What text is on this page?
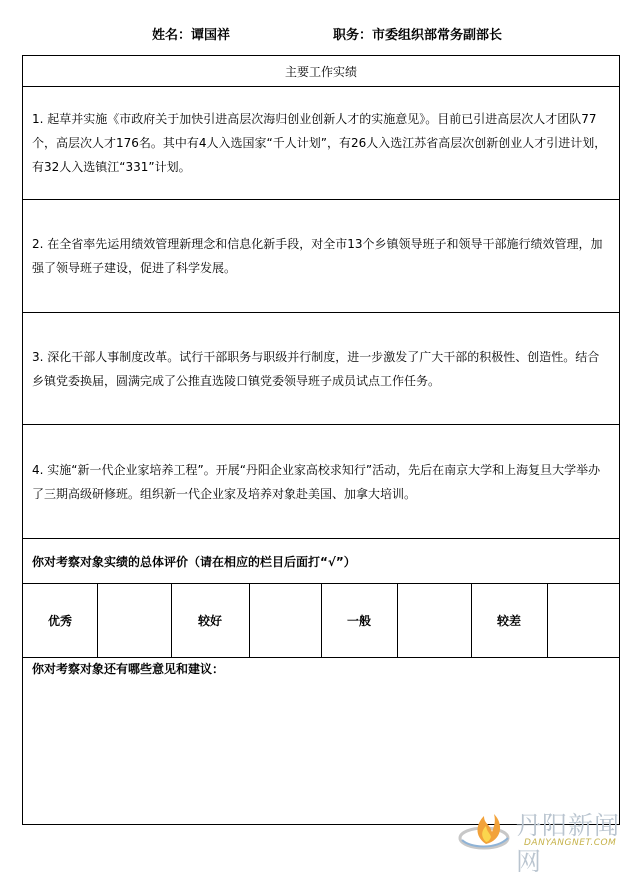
姓名：谭国祥	职务：市委组织部常务副部长
主要工作实绩

1. 起草并实施《市政府关于加快引进高层次海归创业创新人才的实施意见》。目前已引进高层次人才团队77个，高层次人才176名。其中有4人入选国家“千人计划”，有26人入选江苏省高层次创新创业人才引进计划，有32人入选镇江“331”计划。

2. 在全省率先运用绩效管理新理念和信息化新手段，对全市13个乡镇领导班子和领导干部施行绩效管理，加强了领导班子建设，促进了科学发展。

3. 深化干部人事制度改革。试行干部职务与职级并行制度，进一步激发了广大干部的积极性、创造性。结合乡镇党委换届，圆满完成了公推直选陵口镇党委领导班子成员试点工作任务。

4. 实施“新一代企业家培养工程”。开展“丹阳企业家高校求知行”活动，先后在南京大学和上海复旦大学举办了三期高级研修班。组织新一代企业家及培养对象赴美国、加拿大培训。

你对考察对象实绩的总体评价（请在相应的栏目后面打“√”）
优秀	较好	一般	较差
你对考察对象还有哪些意见和建议：
丹阳新闻网
DANYANGNET.COM
